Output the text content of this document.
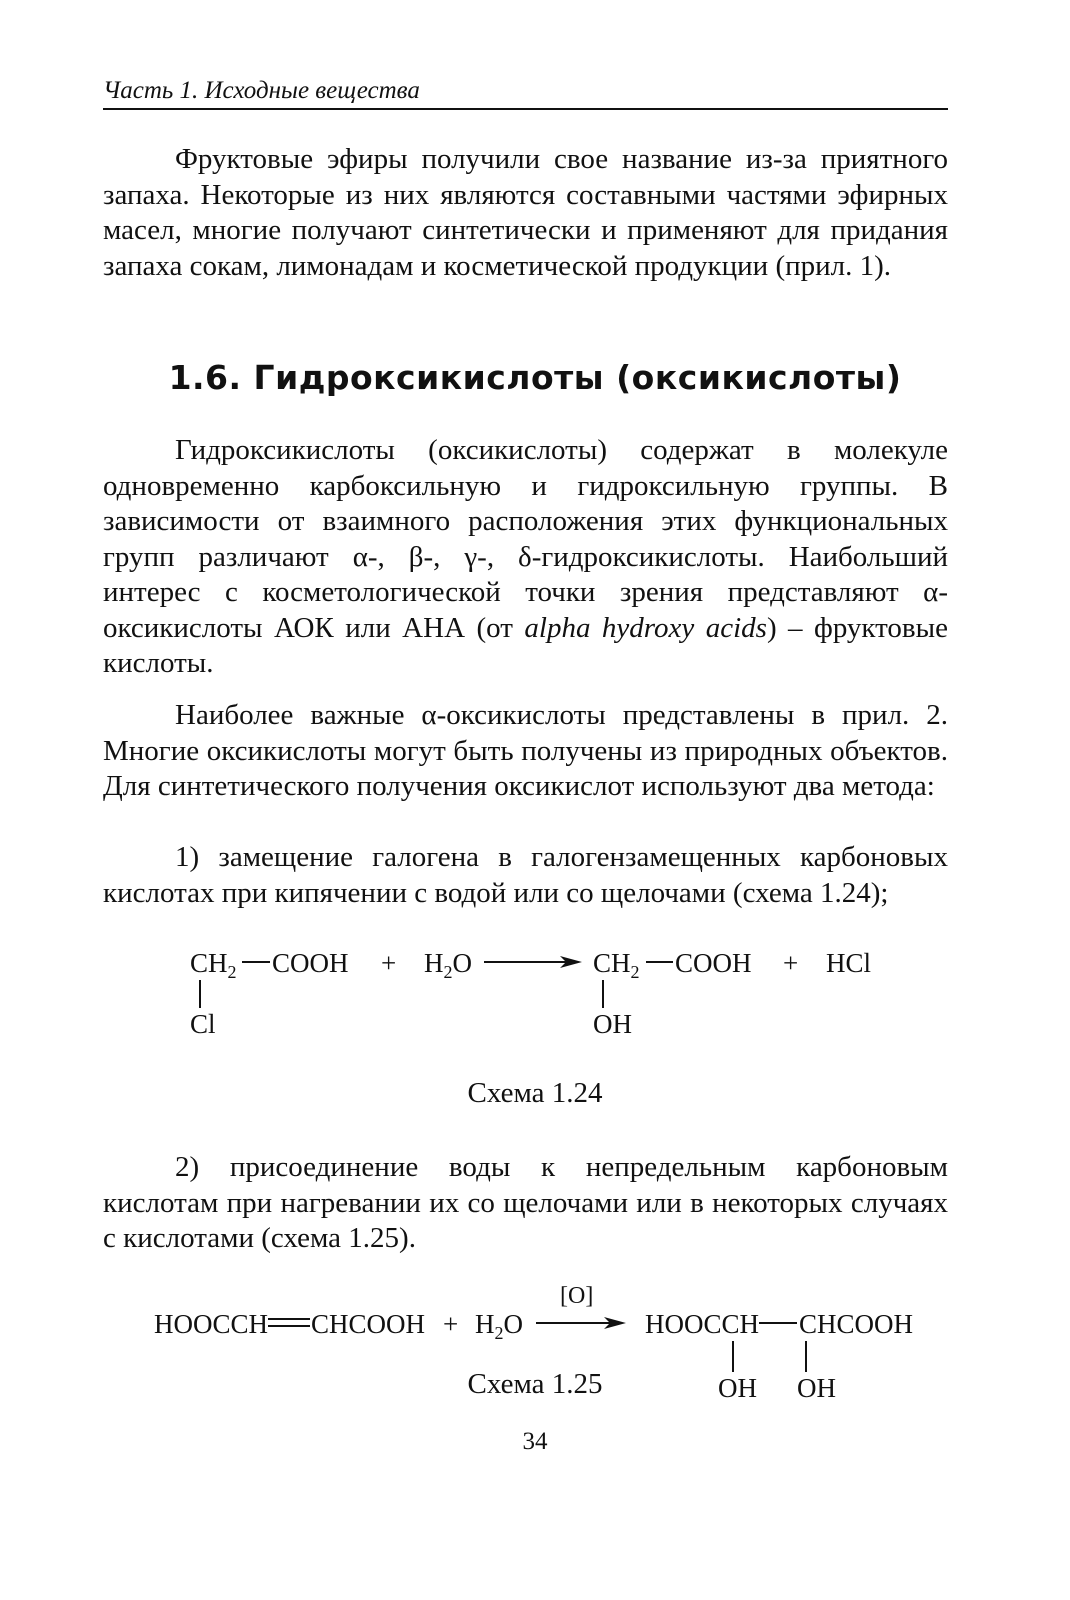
Часть 1. Исходные вещества

Фруктовые эфиры получили свое название из-за приятного запаха. Некоторые из них являются составными частями эфирных масел, многие получают синтетически и применяют для придания запаха сокам, лимонадам и косметической продукции (прил. 1).

1.6. Гидроксикислоты (оксикислоты)

Гидроксикислоты (оксикислоты) содержат в молекуле одновременно карбоксильную и гидроксильную группы. В зависимости от взаимного расположения этих функциональных групп различают α-, β-, γ-, δ-гидроксикислоты. Наибольший интерес с косметологической точки зрения представляют α-оксикислоты АОК или АНА (от alpha hydroxy acids) – фруктовые кислоты.

Наиболее важные α-оксикислоты представлены в прил. 2. Многие оксикислоты могут быть получены из природных объектов. Для синтетического получения оксикислот используют два метода:

1) замещение галогена в галогензамещенных карбоновых кислотах при кипячении с водой или со щелочами (схема 1.24);

$CH_2$ COOH
Cl
+ $H_2O$	$CH_2$ COOH
OH
+ HCl
HOOCCH CHCOOH + $H_2O$
[O]
HOOCCH CHCOOH
OH OH
Схема 1.24

2) присоединение воды к непредельным карбоновым кислотам при нагревании их со щелочами или в некоторых случаях с кислотами (схема 1.25).

Схема 1.25
34
